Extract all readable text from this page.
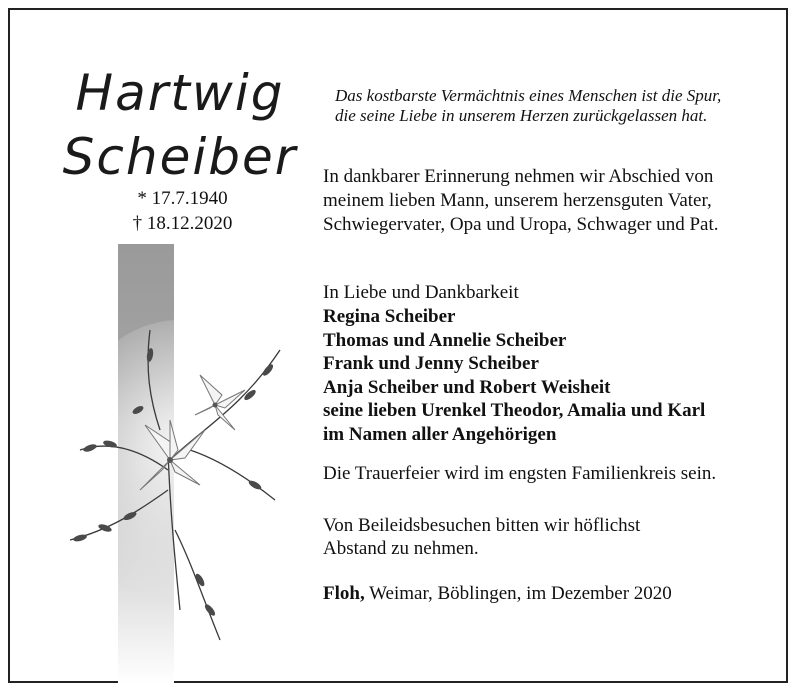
Hartwig
Scheiber
* 17.7.1940
† 18.12.2020
Das kostbarste Vermächtnis eines Menschen ist die Spur,
die seine Liebe in unserem Herzen zurückgelassen hat.
In dankbarer Erinnerung nehmen wir Abschied von
meinem lieben Mann, unserem herzensguten Vater,
Schwiegervater, Opa und Uropa, Schwager und Pat.
In Liebe und Dankbarkeit
Regina Scheiber
Thomas und Annelie Scheiber
Frank und Jenny Scheiber
Anja Scheiber und Robert Weisheit
seine lieben Urenkel Theodor, Amalia und Karl
im Namen aller Angehörigen
Die Trauerfeier wird im engsten Familienkreis sein.
Von Beileidsbesuchen bitten wir höflichst
Abstand zu nehmen.
Floh, Weimar, Böblingen, im Dezember 2020
